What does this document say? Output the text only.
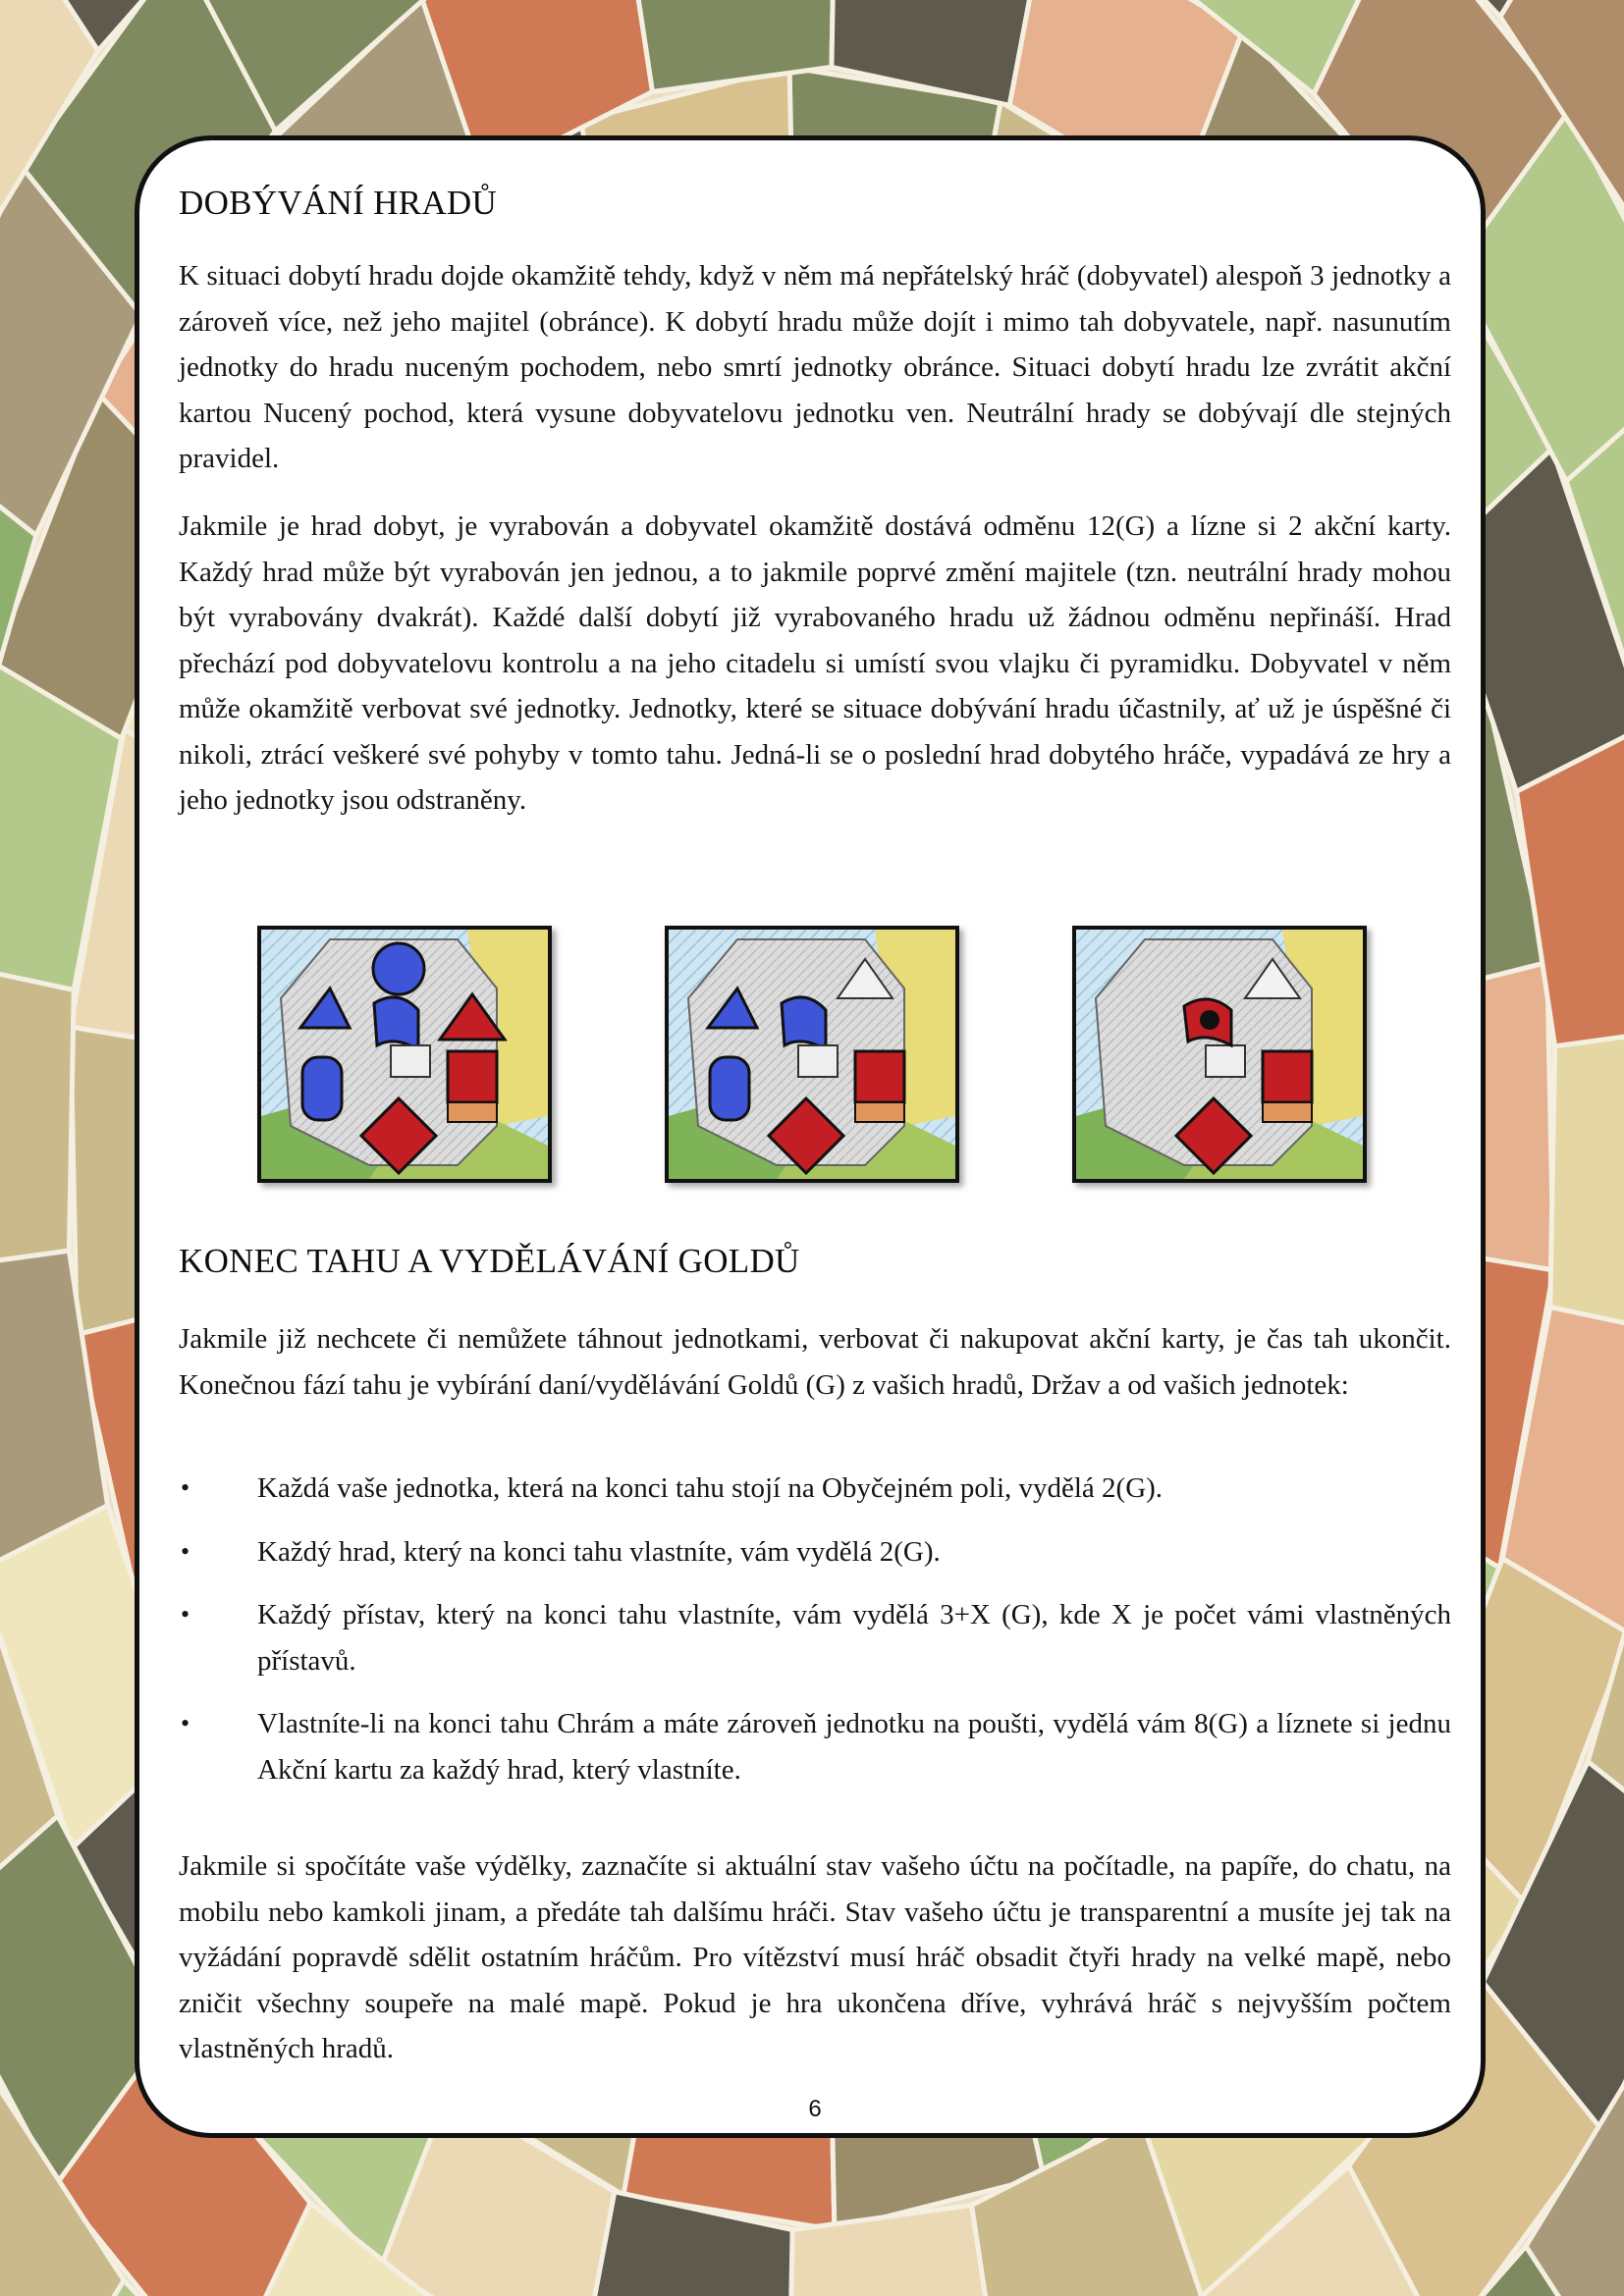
DOBÝVÁNÍ HRADŮ

K situaci dobytí hradu dojde okamžitě tehdy, když v něm má nepřátelský hráč (dobyvatel) alespoň 3 jednotky a zároveň více, než jeho majitel (obránce). K dobytí hradu může dojít i mimo tah dobyvatele, např. nasunutím jednotky do hradu nuceným pochodem, nebo smrtí jednotky obránce. Situaci dobytí hradu lze zvrátit akční kartou Nucený pochod, která vysune dobyvatelovu jednotku ven. Neutrální hrady se dobývají dle stejných pravidel.

Jakmile je hrad dobyt, je vyrabován a dobyvatel okamžitě dostává odměnu 12(G) a lízne si 2 akční karty. Každý hrad může být vyrabován jen jednou, a to jakmile poprvé změní majitele (tzn. neutrální hrady mohou být vyrabovány dvakrát). Každé další dobytí již vyrabovaného hradu už žádnou odměnu nepřináší. Hrad přechází pod dobyvatelovu kontrolu a na jeho citadelu si umístí svou vlajku či pyramidku. Dobyvatel v něm může okamžitě verbovat své jednotky. Jednotky, které se situace dobývání hradu účastnily, ať už je úspěšné či nikoli, ztrácí veškeré své pohyby v tomto tahu. Jedná-li se o poslední hrad dobytého hráče, vypadává ze hry a jeho jednotky jsou odstraněny.

KONEC TAHU A VYDĚLÁVÁNÍ GOLDŮ

Jakmile již nechcete či nemůžete táhnout jednotkami, verbovat či nakupovat akční karty, je čas tah ukončit. Konečnou fází tahu je vybírání daní/vydělávání Goldů (G) z vašich hradů, Držav a od vašich jednotek:

• Každá vaše jednotka, která na konci tahu stojí na Obyčejném poli, vydělá 2(G).
• Každý hrad, který na konci tahu vlastníte, vám vydělá 2(G).
• Každý přístav, který na konci tahu vlastníte, vám vydělá 3+X (G), kde X je počet vámi vlastněných přístavů.
• Vlastníte-li na konci tahu Chrám a máte zároveň jednotku na poušti, vydělá vám 8(G) a líznete si jednu Akční kartu za každý hrad, který vlastníte.

Jakmile si spočítáte vaše výdělky, zaznačíte si aktuální stav vašeho účtu na počítadle, na papíře, do chatu, na mobilu nebo kamkoli jinam, a předáte tah dalšímu hráči. Stav vašeho účtu je transparentní a musíte jej tak na vyžádání popravdě sdělit ostatním hráčům. Pro vítězství musí hráč obsadit čtyři hrady na velké mapě, nebo zničit všechny soupeře na malé mapě. Pokud je hra ukončena dříve, vyhrává hráč s nejvyšším počtem vlastněných hradů.

6
